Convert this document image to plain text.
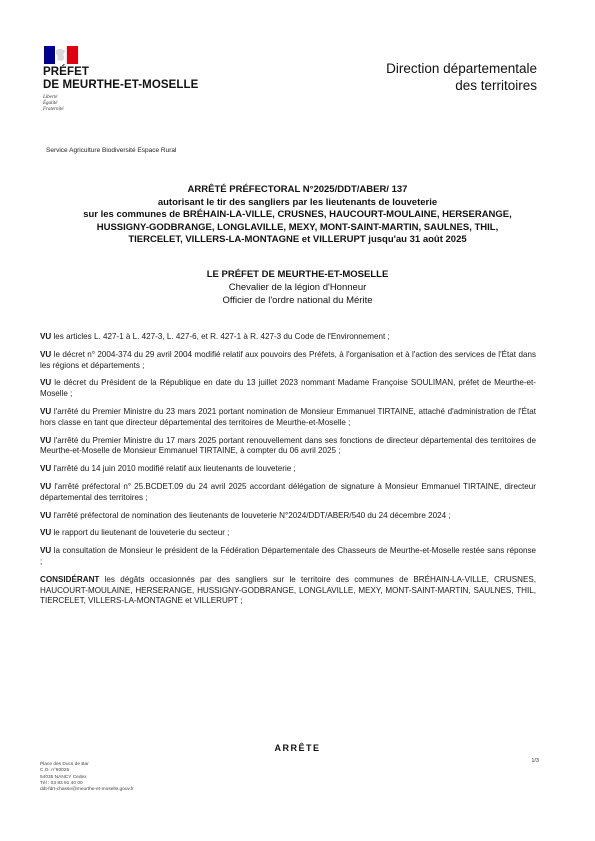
PRÉFET
DE MEURTHE-ET-MOSELLE
Liberté
Égalité
Fraternité
Direction départementale
des territoires
Service Agriculture Biodiversité Espace Rural
ARRÊTÉ PRÉFECTORAL N°2025/DDT/ABER/ 137
autorisant le tir des sangliers par les lieutenants de louveterie
sur les communes de BRÉHAIN-LA-VILLE, CRUSNES, HAUCOURT-MOULAINE, HERSERANGE,
HUSSIGNY-GODBRANGE, LONGLAVILLE, MEXY, MONT-SAINT-MARTIN, SAULNES, THIL,
TIERCELET, VILLERS-LA-MONTAGNE et VILLERUPT jusqu'au 31 août 2025
LE PRÉFET DE MEURTHE-ET-MOSELLE
Chevalier de la légion d'Honneur
Officier de l'ordre national du Mérite
VU les articles L. 427-1 à L. 427-3, L. 427-6, et R. 427-1 à R. 427-3 du Code de l'Environnement ;
VU le décret n° 2004-374 du 29 avril 2004 modifié relatif aux pouvoirs des Préfets, à l'organisation et à l'action des services de l'État dans les régions et départements ;
VU le décret du Président de la République en date du 13 juillet 2023 nommant Madame Françoise SOULIMAN, préfet de Meurthe-et-Moselle ;
VU l'arrêté du Premier Ministre du 23 mars 2021 portant nomination de Monsieur Emmanuel TIRTAINE, attaché d'administration de l'État hors classe en tant que directeur départemental des territoires de Meurthe-et-Moselle ;
VU l'arrêté du Premier Ministre du 17 mars 2025 portant renouvellement dans ses fonctions de directeur départemental des territoires de Meurthe-et-Moselle de Monsieur Emmanuel TIRTAINE, à compter du 06 avril 2025 ;
VU l'arrêté du 14 juin 2010 modifié relatif aux lieutenants de louveterie ;
VU l'arrêté préfectoral n° 25.BCDET.09 du 24 avril 2025 accordant délégation de signature à Monsieur Emmanuel TIRTAINE, directeur départemental des territoires ;
VU l'arrêté préfectoral de nomination des lieutenants de louveterie N°2024/DDT/ABER/540 du 24 décembre 2024 ;
VU le rapport du lieutenant de louveterie du secteur ;
VU la consultation de Monsieur le président de la Fédération Départementale des Chasseurs de Meurthe-et-Moselle restée sans réponse ;
CONSIDÉRANT les dégâts occasionnés par des sangliers sur le territoire des communes de BRÉHAIN-LA-VILLE, CRUSNES, HAUCOURT-MOULAINE, HERSERANGE, HUSSIGNY-GODBRANGE, LONGLAVILLE, MEXY, MONT-SAINT-MARTIN, SAULNES, THIL, TIERCELET, VILLERS-LA-MONTAGNE et VILLERUPT ;
ARRÊTE
1/3
Place des Ducs de Bar
C.O. n°60025
54035 NANCY Cedex
Tél : 03 83 91 40 00
ddt-fdrt-chasse@meurthe-et-moselle.gouv.fr
